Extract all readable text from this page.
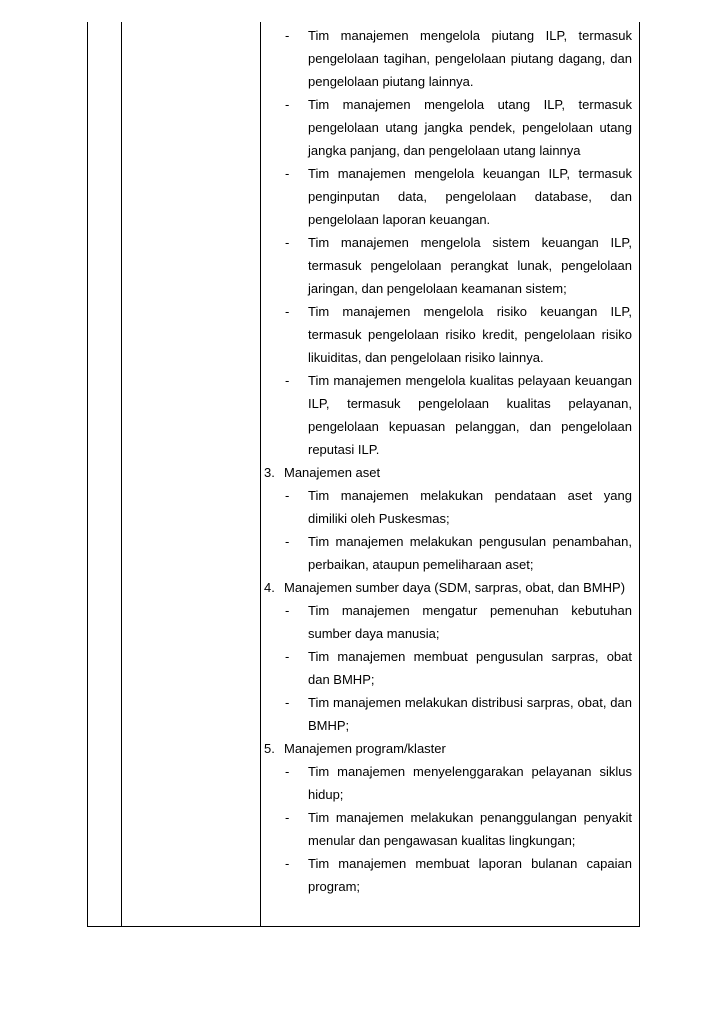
- Tim manajemen mengelola piutang ILP, termasuk pengelolaan tagihan, pengelolaan piutang dagang, dan pengelolaan piutang lainnya.
- Tim manajemen mengelola utang ILP, termasuk pengelolaan utang jangka pendek, pengelolaan utang jangka panjang, dan pengelolaan utang lainnya
- Tim manajemen mengelola keuangan ILP, termasuk penginputan data, pengelolaan database, dan pengelolaan laporan keuangan.
- Tim manajemen mengelola sistem keuangan ILP, termasuk pengelolaan perangkat lunak, pengelolaan jaringan, dan pengelolaan keamanan sistem;
- Tim manajemen mengelola risiko keuangan ILP, termasuk pengelolaan risiko kredit, pengelolaan risiko likuiditas, dan pengelolaan risiko lainnya.
- Tim manajemen mengelola kualitas pelayaan keuangan ILP, termasuk pengelolaan kualitas pelayanan, pengelolaan kepuasan pelanggan, dan pengelolaan reputasi ILP.
3. Manajemen aset
- Tim manajemen melakukan pendataan aset yang dimiliki oleh Puskesmas;
- Tim manajemen melakukan pengusulan penambahan, perbaikan, ataupun pemeliharaan aset;
4. Manajemen sumber daya (SDM, sarpras, obat, dan BMHP)
- Tim manajemen mengatur pemenuhan kebutuhan sumber daya manusia;
- Tim manajemen membuat pengusulan sarpras, obat dan BMHP;
- Tim manajemen melakukan distribusi sarpras, obat, dan BMHP;
5. Manajemen program/klaster
- Tim manajemen menyelenggarakan pelayanan siklus hidup;
- Tim manajemen melakukan penanggulangan penyakit menular dan pengawasan kualitas lingkungan;
- Tim manajemen membuat laporan bulanan capaian program;
